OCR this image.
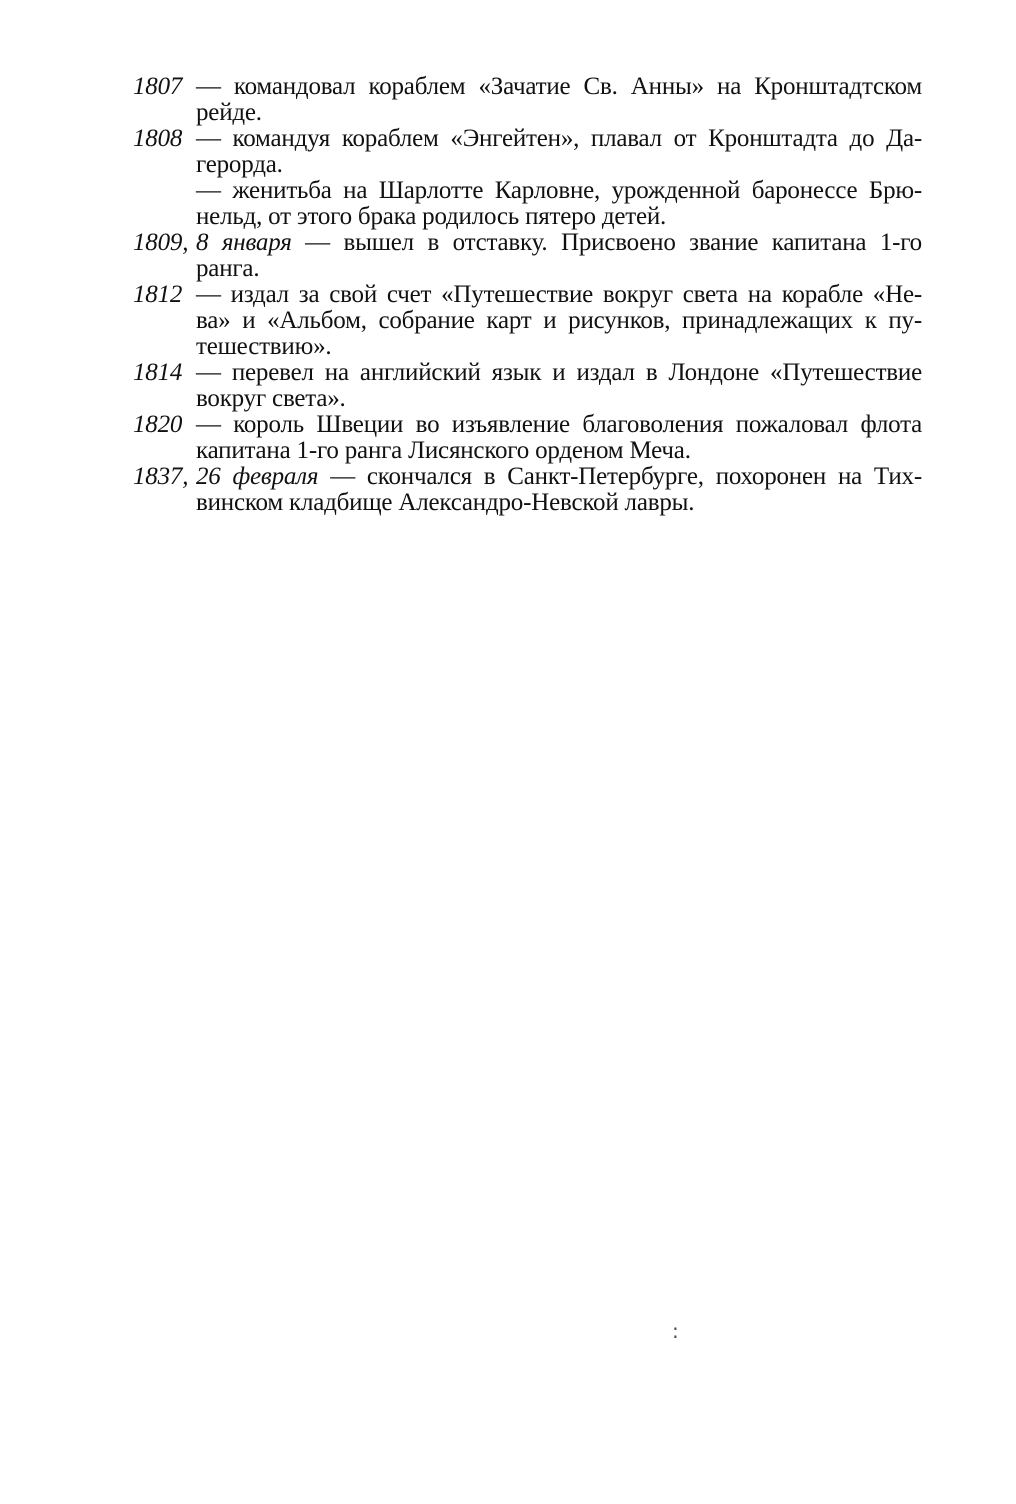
1807 — командовал кораблем «Зачатие Св. Анны» на Кронштадтском
рейде.
1808 — командуя кораблем «Энгейтен», плавал от Кронштадта до Да-
герорда.
— женитьба на Шарлотте Карловне, урожденной баронессе Брю-
нельд, от этого брака родилось пятеро детей.
1809, 8 января — вышел в отставку. Присвоено звание капитана 1-го
ранга.
1812 — издал за свой счет «Путешествие вокруг света на корабле «Не-
ва» и «Альбом, собрание карт и рисунков, принадлежащих к пу-
тешествию».
1814 — перевел на английский язык и издал в Лондоне «Путешествие
вокруг света».
1820 — король Швеции во изъявление благоволения пожаловал флота
капитана 1-го ранга Лисянского орденом Меча.
1837, 26 февраля — скончался в Санкт-Петербурге, похоронен на Тих-
винском кладбище Александро-Невской лавры.
:
